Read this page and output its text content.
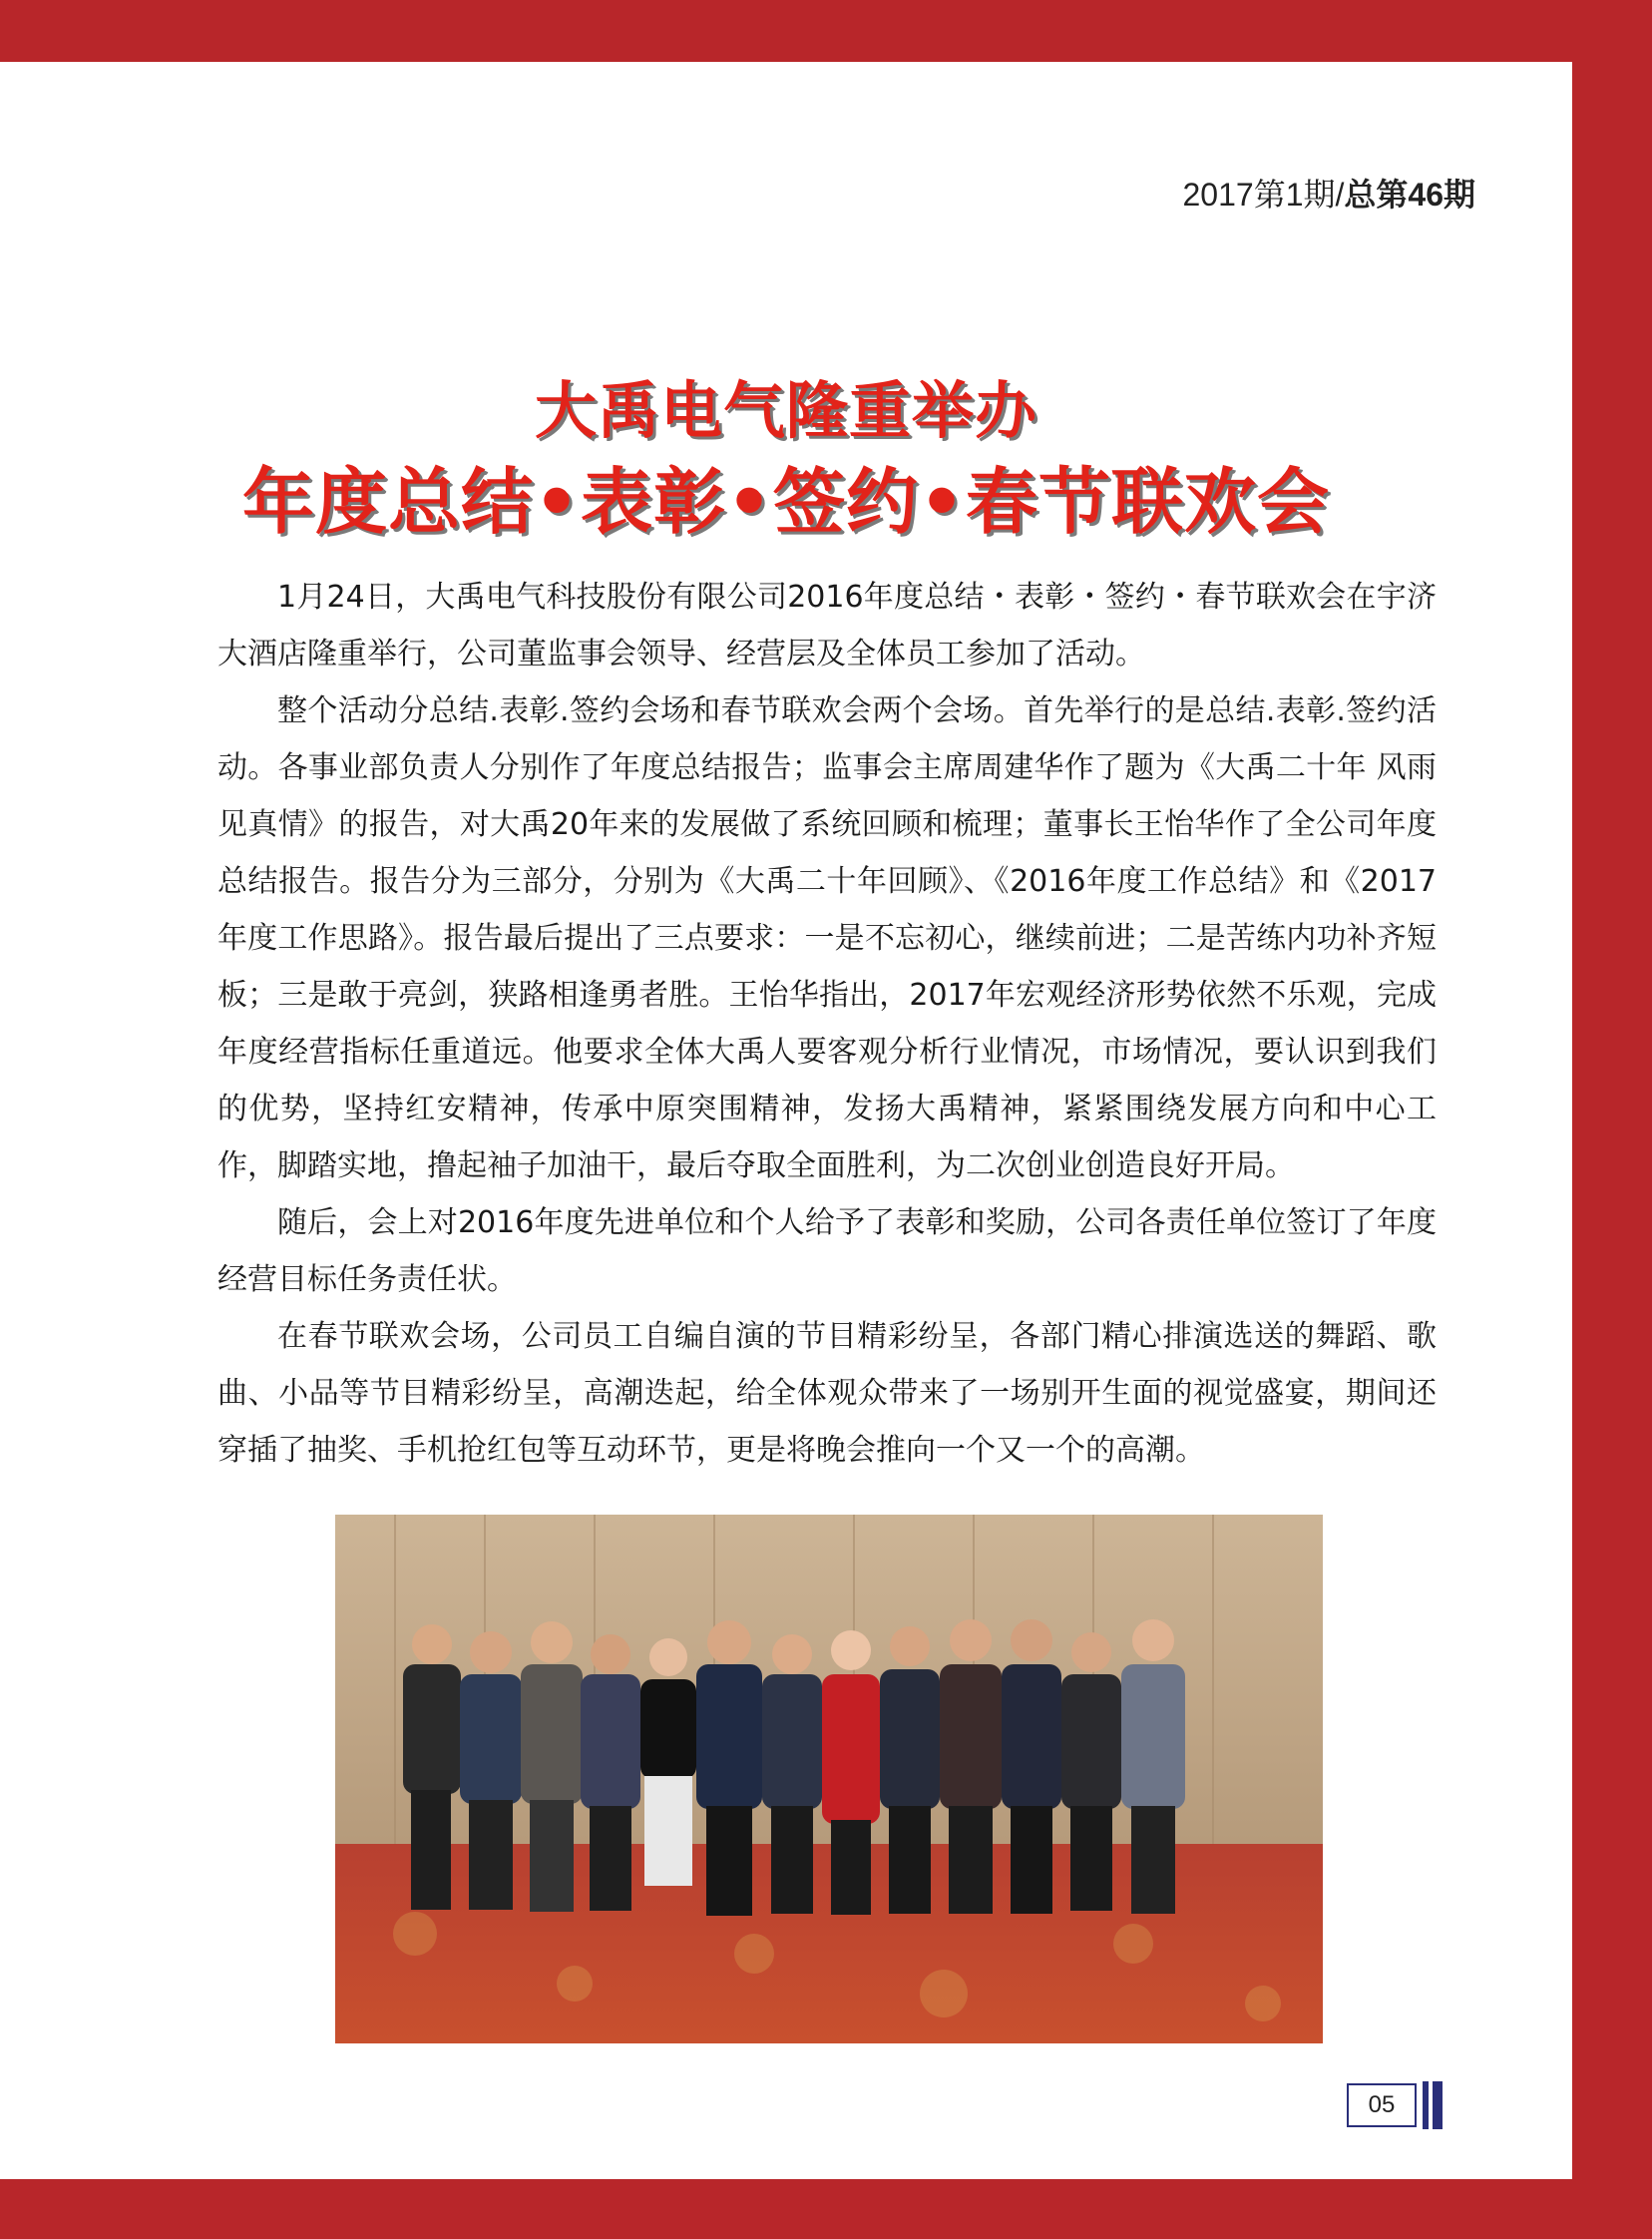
2017第1期/总第46期
大禹电气隆重举办
年度总结•表彰•签约•春节联欢会

1月24日，大禹电气科技股份有限公司2016年度总结・表彰・签约・春节联欢会在宇济大酒店隆重举行，公司董监事会领导、经营层及全体员工参加了活动。

整个活动分总结.表彰.签约会场和春节联欢会两个会场。首先举行的是总结.表彰.签约活动。各事业部负责人分别作了年度总结报告；监事会主席周建华作了题为《大禹二十年 风雨见真情》的报告，对大禹20年来的发展做了系统回顾和梳理；董事长王怡华作了全公司年度总结报告。报告分为三部分，分别为《大禹二十年回顾》、《2016年度工作总结》和《2017年度工作思路》。报告最后提出了三点要求：一是不忘初心，继续前进；二是苦练内功补齐短板；三是敢于亮剑，狭路相逢勇者胜。王怡华指出，2017年宏观经济形势依然不乐观，完成年度经营指标任重道远。他要求全体大禹人要客观分析行业情况，市场情况，要认识到我们的优势，坚持红安精神，传承中原突围精神，发扬大禹精神，紧紧围绕发展方向和中心工作，脚踏实地，撸起袖子加油干，最后夺取全面胜利，为二次创业创造良好开局。

随后，会上对2016年度先进单位和个人给予了表彰和奖励，公司各责任单位签订了年度经营目标任务责任状。

在春节联欢会场，公司员工自编自演的节目精彩纷呈，各部门精心排演选送的舞蹈、歌曲、小品等节目精彩纷呈，高潮迭起，给全体观众带来了一场别开生面的视觉盛宴，期间还穿插了抽奖、手机抢红包等互动环节，更是将晚会推向一个又一个的高潮。

05
